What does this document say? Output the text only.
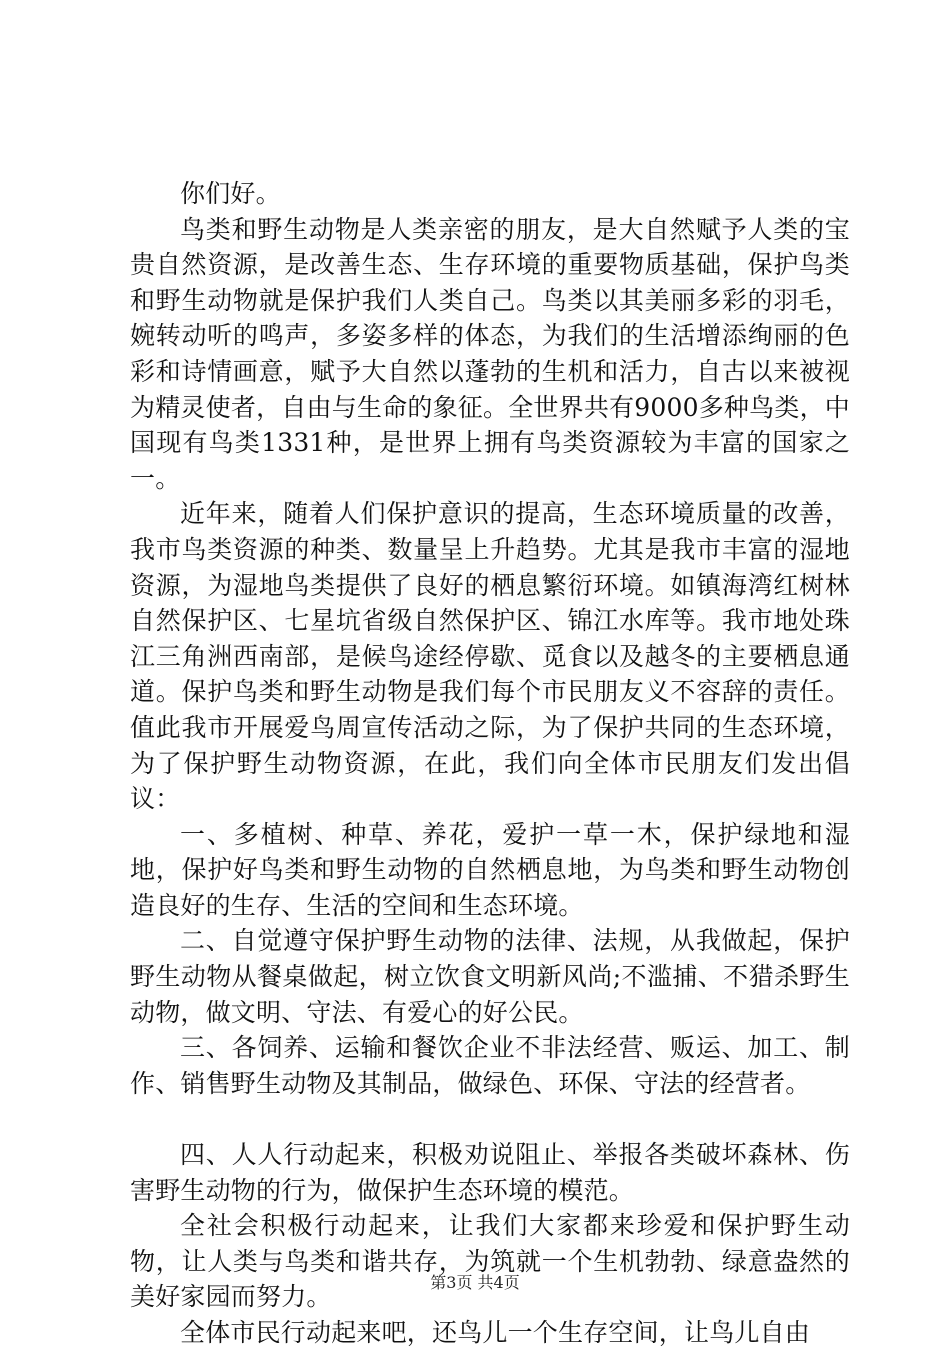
你们好。

鸟类和野生动物是人类亲密的朋友，是大自然赋予人类的宝贵自然资源，是改善生态、生存环境的重要物质基础，保护鸟类和野生动物就是保护我们人类自己。鸟类以其美丽多彩的羽毛，婉转动听的鸣声，多姿多样的体态，为我们的生活增添绚丽的色彩和诗情画意，赋予大自然以蓬勃的生机和活力，自古以来被视为精灵使者，自由与生命的象征。全世界共有9000多种鸟类，中国现有鸟类1331种，是世界上拥有鸟类资源较为丰富的国家之一。

近年来，随着人们保护意识的提高，生态环境质量的改善，我市鸟类资源的种类、数量呈上升趋势。尤其是我市丰富的湿地资源，为湿地鸟类提供了良好的栖息繁衍环境。如镇海湾红树林自然保护区、七星坑省级自然保护区、锦江水库等。我市地处珠江三角洲西南部，是候鸟途经停歇、觅食以及越冬的主要栖息通道。保护鸟类和野生动物是我们每个市民朋友义不容辞的责任。值此我市开展爱鸟周宣传活动之际，为了保护共同的生态环境，为了保护野生动物资源，在此，我们向全体市民朋友们发出倡议：

一、多植树、种草、养花，爱护一草一木，保护绿地和湿地，保护好鸟类和野生动物的自然栖息地，为鸟类和野生动物创造良好的生存、生活的空间和生态环境。

二、自觉遵守保护野生动物的法律、法规，从我做起，保护野生动物从餐桌做起，树立饮食文明新风尚;不滥捕、不猎杀野生动物，做文明、守法、有爱心的好公民。

三、各饲养、运输和餐饮企业不非法经营、贩运、加工、制作、销售野生动物及其制品，做绿色、环保、守法的经营者。

四、人人行动起来，积极劝说阻止、举报各类破坏森林、伤害野生动物的行为，做保护生态环境的模范。

全社会积极行动起来，让我们大家都来珍爱和保护野生动物，让人类与鸟类和谐共存，为筑就一个生机勃勃、绿意盎然的美好家园而努力。

全体市民行动起来吧，还鸟儿一个生存空间，让鸟儿自由

第3页 共4页
